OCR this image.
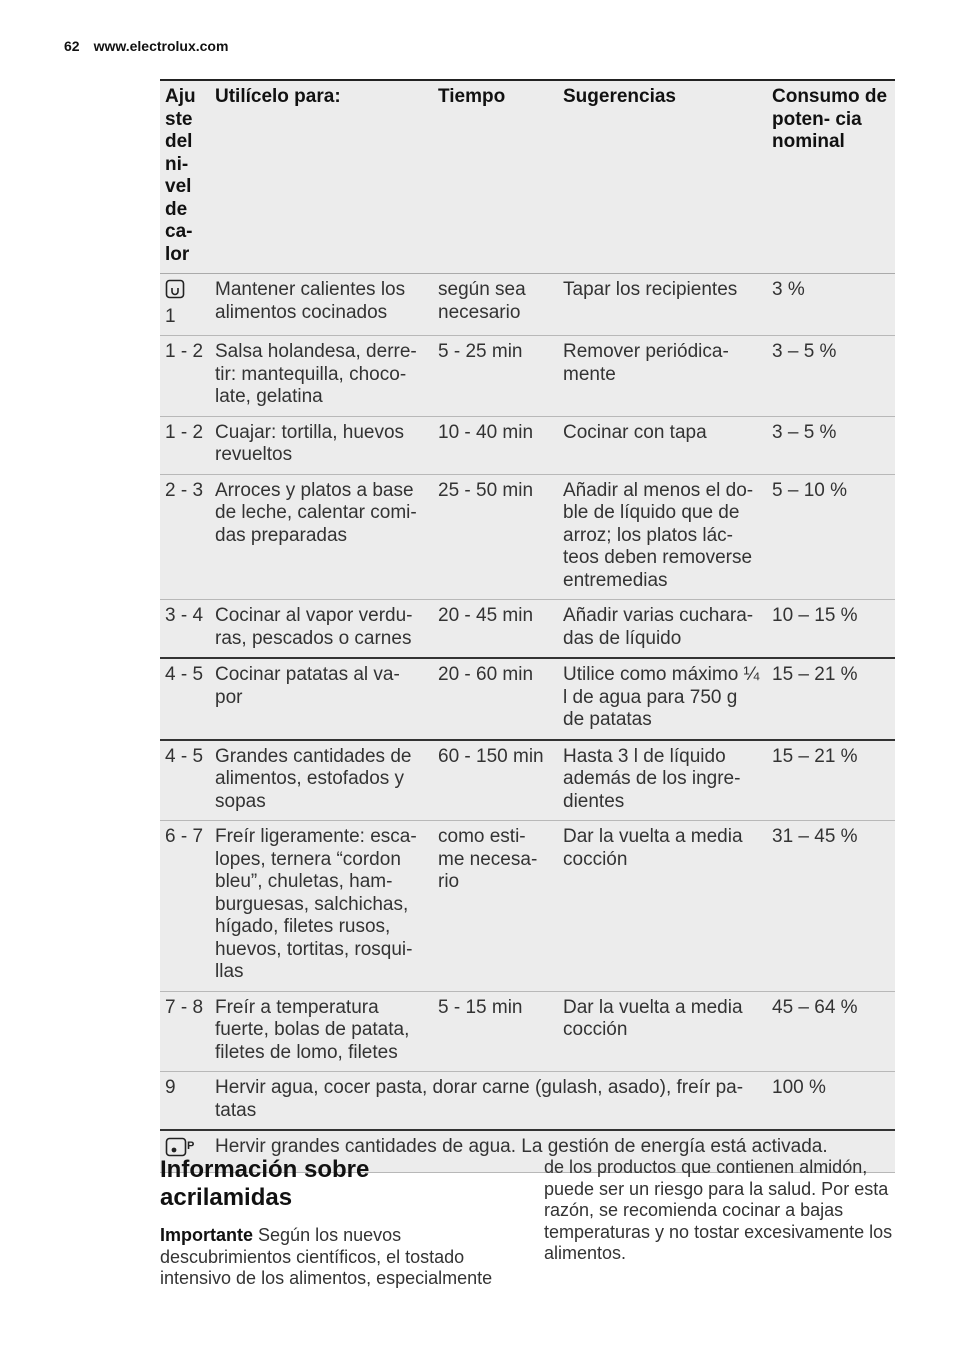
62 www.electrolux.com
Aju ste del ni- vel de ca- lor	Utilícelo para:	Tiempo	Sugerencias	Consumo de poten- cia nominal

1	Mantener calientes los alimentos cocinados	según sea necesario	Tapar los recipientes	3 %
1 - 2	Salsa holandesa, derre- tir: mantequilla, choco- late, gelatina	5 - 25 min	Remover periódica- mente	3 – 5 %
1 - 2	Cuajar: tortilla, huevos revueltos	10 - 40 min	Cocinar con tapa	3 – 5 %
2 - 3	Arroces y platos a base de leche, calentar comi- das preparadas	25 - 50 min	Añadir al menos el do- ble de líquido que de arroz; los platos lác- teos deben removerse entremedias	5 – 10 %
3 - 4	Cocinar al vapor verdu- ras, pescados o carnes	20 - 45 min	Añadir varias cuchara- das de líquido	10 – 15 %
4 - 5	Cocinar patatas al va- por	20 - 60 min	Utilice como máximo ¼ l de agua para 750 g de patatas	15 – 21 %
4 - 5	Grandes cantidades de alimentos, estofados y sopas	60 - 150 min	Hasta 3 l de líquido además de los ingre- dientes	15 – 21 %
6 - 7	Freír ligeramente: esca- lopes, ternera “cordon bleu”, chuletas, ham- burguesas, salchichas, hígado, filetes rusos, huevos, tortitas, rosqui- llas	como esti- me necesa- rio	Dar la vuelta a media cocción	31 – 45 %
7 - 8	Freír a temperatura fuerte, bolas de patata, filetes de lomo, filetes	5 - 15 min	Dar la vuelta a media cocción	45 – 64 %
9	Hervir agua, cocer pasta, dorar carne (gulash, asado), freír pa- tatas			100 %

P	Hervir grandes cantidades de agua. La gestión de energía está activada.			
Información sobre acrilamidas
Importante Según los nuevos descubrimientos científicos, el tostado intensivo de los alimentos, especialmente
de los productos que contienen almidón, puede ser un riesgo para la salud. Por esta razón, se recomienda cocinar a bajas temperaturas y no tostar excesivamente los alimentos.
